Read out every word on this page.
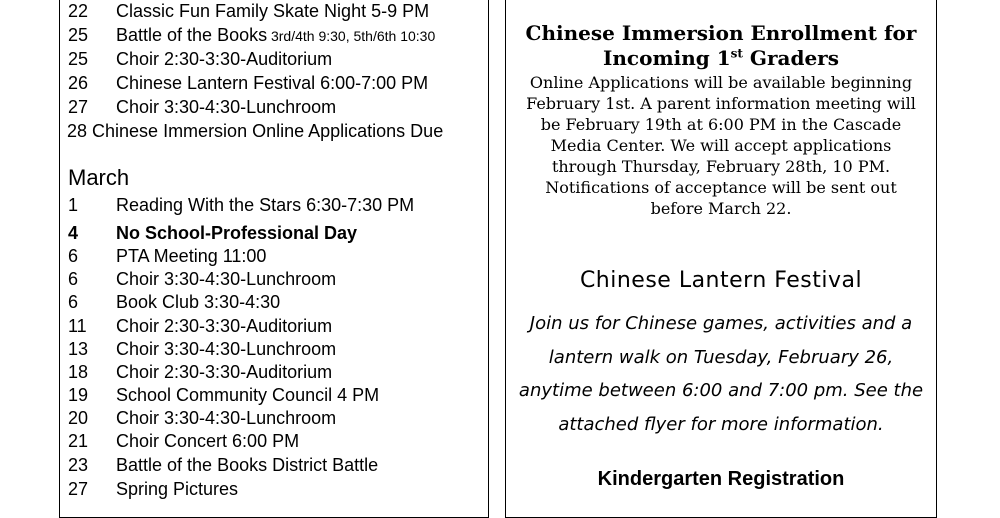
22 Classic Fun Family Skate Night 5-9 PM
25 Battle of the Books 3rd/4th 9:30, 5th/6th 10:30
25 Choir 2:30-3:30-Auditorium
26 Chinese Lantern Festival 6:00-7:00 PM
27 Choir 3:30-4:30-Lunchroom
28 Chinese Immersion Online Applications Due
March
1 Reading With the Stars 6:30-7:30 PM
4 No School-Professional Day
6 PTA Meeting 11:00
6 Choir 3:30-4:30-Lunchroom
6 Book Club 3:30-4:30
11 Choir 2:30-3:30-Auditorium
13 Choir 3:30-4:30-Lunchroom
18 Choir 2:30-3:30-Auditorium
19 School Community Council 4 PM
20 Choir 3:30-4:30-Lunchroom
21 Choir Concert 6:00 PM
23 Battle of the Books District Battle
27 Spring Pictures
Chinese Immersion Enrollment for
Incoming 1st Graders
Online Applications will be available beginning
February 1st. A parent information meeting will
be February 19th at 6:00 PM in the Cascade
Media Center. We will accept applications
through Thursday, February 28th, 10 PM.
Notifications of acceptance will be sent out
before March 22.
Chinese Lantern Festival
Join us for Chinese games, activities and a
lantern walk on Tuesday, February 26,
anytime between 6:00 and 7:00 pm. See the
attached flyer for more information.
Kindergarten Registration
